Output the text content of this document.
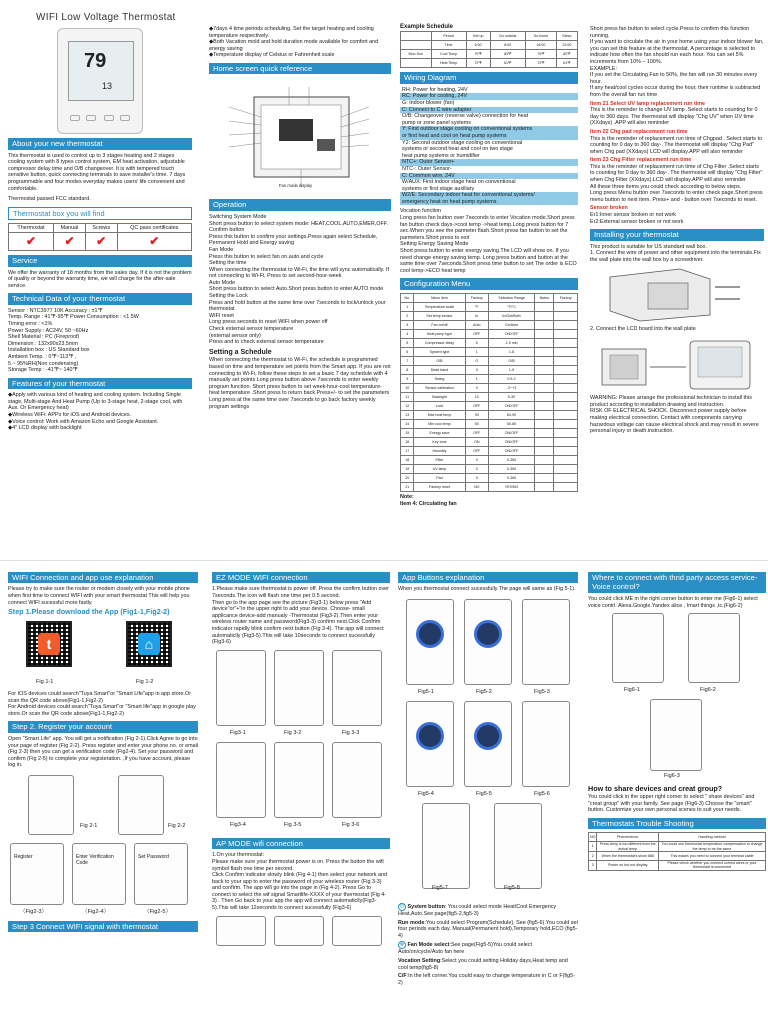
WIFI Low Voltage Thermostat
79
13
About your new thermostat
This thermostat is used to control up to 3 stages heating and 2 stages cooling system with 8 types control system, EM heat activation, adjustable compressor delay time and O/B changeover. It is with tempered touch sensitive button, quick connecting terminals to save installer's time. 7 days programmable and four modes everyday makes users' life convenient and comfortable.
Thermostat passed FCC standard.
Thermostat box you will find
Thermostat	Manual	Screws	QC pass certificates
✔	✔	✔	✔
Service
We offer the warranty of 18 months from the sales day. If it is not the problem of quality or beyond the warranty time, we will charge for the after-sale service.
Technical Data of your thermostat
Sensor : NTC3977 10K Accuracy : ±1℉
Temp. Range : 41℉-95℉ Power Consumption : <1.5W
Timing error : <1%
Power Supply : AC24V, 50 ~60Hz
Shell Material : PC (Fireproof)
Dimension : 132x90x23.5mm
Installation box : US Standard box
Ambient Temp. : 0℉~113℉ ,
5 ~ 95%RH(Non condensing)
Storage Temp : -41℉~ 140℉
Features of your thermostat
◆Apply with various kind of heating and cooling system. Including Single stage, Multi-stage And Heat Pump (Up to 3-stage heat, 2-stage cool, with Aux. Or Emergency heat)
◆Wireless WiFi: APPs for iOS and Android devices.
◆Voice control: Work with Amazon Echo and Google Assistant.
◆4" LCD display with backlight
◆7days 4 time periods scheduling. Set the target heating and cooling temperature respectively.
◆Both Vacation mold and hold duration mode available for comfort and energy saving
◆Temperature display of Celsius or Fahrenheit scale
Home screen quick reference
Fan mode display
Operation
Switching System Mode
Short press button to select system mode: HEAT,COOL,AUTO,EMER,OFF.
Confirm button
Press this button to confirm your settings.Press again select Schedule, Permanent Hold and Energy saving
Fan Mode
Press this button to select fan on,auto and cycle
Setting the time
When connecting the thermostat to Wi-Fi, the time will sync automatically. If not connecting to Wi-Fi, Press to set second-hour-week
Auto Mode
Short press button to select Auto.Short press button to enter AUTO mode
Setting the Lock
Press and hold button at the same time over 7seconds to lock/unlock your thermostat
WIFI reset
Long press seconds to reset WIFI when power off
Check external sensor temperature
(external sensor only)
Press and to check external sensor temperature
Setting a Schedule
When connecting the thermostat to Wi-Fi, the schedule is programmed based on time and temperature set points from the Smart app. If you are not connecting to Wi-Fi, follow these steps to set a basic 7 day schedule with 4 manually set points Long press button above 7seconds to enter weekly program function. Short press button to set week-hour-cool temperature-heat temperature .Short press to return back.Press+/- to set the parameters Long press at the same time over 7seconds to go back factory weekly program settings
Example Schedule
	Period	Get up	Go outside	Go home	Sleep
	Time	6:00	8:00	18:00	22:00
Mon-Sun	Cool Temp	79℉	83℉	79℉	82℉
	Heat Temp	72℉	61℉	72℉	61℉
Wiring Diagram
RH: Power for heating, 24V
RC: Power for cooling, 24V
G: Indoor blower (fan)
C: Connect to C wire adapter
O/B: Changeover (reverse valve) connection for heat
pump or zone panel systems
Y: First outdoor stage cooling on conventional systems
or first heat and cool on heat pump systems
Y2: Second outdoor stage cooling on conventional
systems or second heat and cool on two stage
heat pump systems or humidifier
NTC+: Outer Sensor+
NTC-: Outer Sensor-
C: Common wire, 24V
W/AUX: First indoor stage heat on conventional
systems or first stage auxiliary
W2/E: Secondary indoor heat for conventional systems/
emergency heat on heat pump systems
Vocation function
Long press fan button over 7seconds to enter Vocation mode.Short press fan button check days->cool temp ->heat temp.Long press button for 7 sec.When you see the parmeter flash.Short press fan button to set the parmeters.Short press to exit
Setting Energy Saving Mode
Short press button to enter energy saving.The LCD will show on. If you need change energy saving temp. Long press button and button at the same time over 7seconds.Short press time button to set The order is ECO cool temp->ECO heat temp
Configuration Menu
No.	Menu item	Factory	Selection Range	Notes	Factory
1	Temperature scale	°F	°F/°C		
2	Set temp sensor	In	In/Out/Both		
3	Fan on/off	Auto	On/Auto		
4	Heat pump type	OFF	ON/OFF		
5	Compressor delay	5	2-9 min		
6	System type	1	1-8		
7	O/B	O	O/B		
8	Dead band	3	1-5		
9	Swing	1	0.5-2		
10	Sensor calibration	0	-3~+3		
11	Backlight	10	5-30		
12	Lock	OFF	ON/OFF		
13	Max heat temp	90	60-90		
14	Min cool temp	50	50-80		
15	Energy save	OFF	ON/OFF		
16	Key tone	ON	ON/OFF		
17	Humidity	OFF	ON/OFF		
18	Filter	0	0-360		
19	UV lamp	0	0-360		
20	Pad	0	0-360		
21	Factory reset	NO	YES/NO		
Note:
Item 4: Circulating fan
Short press fan button to select cycle.Press to confirm this function running.
If you want to circulate the air in your home using your indoor blower fan, you can set this feature at the thermostat. A percentage is selected to indicate how often the fan should run each hour. You can set 5% increments from 10% – 100%.
EXAMPLE:
If you set the Circulating Fan to 50%, the fan will run 30 minutes every hour.
If any heat/cool cycles occur during the hour, their runtime is subtracted from the overall fan run time
Item 21 Select UV lamp replacement run time
This is the reminder to change UV lamp .Select starts to counting for 0 day to 360 days. The thermostat will display "Chg UV" when UV time (XXdays) .APP will also reminder
Item 22 Chg pad replacement run time
This is the reminder of replacement run time of Chgpad . Select starts to counting for 0 day to 360 day-. The thermostat will display "Chg Pad" when Chg pad (XXdays) LCD will display.APP will also reminder
Item 23 Chg Filter replacement run time
This is the reminder of replacement run time of Chg Filter .Select starts to counting for 0 day to 360 day-. The thermostat will display "Chg Filter" when Chg Filter (XXdays).LCD will display.APP will also reminder
All these three items you could check according to below steps.
Long press Menu button over 7seconds to enter check page.Short press menu button to next item. Press+ and - button over 7seconds to reset.
Sensor broken
Er1:Inner sensor broken or not work
Er2:External sensor broken or not work
Installing your thermostat
This product is suitable for US standard wall box.
1. Connect the wire of power and other equipment into the terminals.Fix the wall plate into the wall box by a screwdriver.
2. Connect the LCD board into the wall plate
WARNING: Please arrange the professional technician to install this product according to installation drawing and instruction.
RISK OF ELECTRICAL SHOCK. Disconnect power supply before making electrical connection. Contact with components carrying hazardous voltage can cause electrical shock and may result in severe personal injury or death.instruction.
WIFI Connection and app use explanation
Please try to make sure the router or modem closely with your mobile phone when first time to connect WIFI with your smart thermostat This will help you connect WIFI sucessful more fastly.
Step 1.Please download the App (Fig1-1,Fig2-2)
t	⌂
Fig 1-1	Fig 1-2
For IOS devices could search"Tuya Smart"or "Smart Life"app in app store.Or scan the QR code above(Fig1-1,Fig2-2)
For Android devices could search"Tuya Smart"or "Smart life"app in google play store.Or scan the QR code above(Fig1-1,Fig2-2)
Step 2. Register your account
Open "Smart Life" app. You will get a notification (Fig 2-1).Click Agree to go into your page of register (Fig 2-2). Press register and enter your phone no. or email (Fig 2-3) then you can get a verification code (Fig2-4). Set your password and confirm (Fig 2-5) to complete your registeration. ,If you have account, please log in.
Fig 2-1	Fig 2-2
Register	Enter Verification Code
Set Password
（Fig2-3）	（Fig2-4）	（Fig2-5）
Step 3 Connect WIFI signal with thermostat
EZ MODE WIFI connection
1.Please make sure thermostat is power off. Press the confirm button over 7seconds.The icon will flash one time per 0.5 second.
Then go to the app page see the picture (Fig3-1) below press "Add device"or"+"in the upper right to add your device. Choose- small applicance device-add manualy -Thermostat (Fig3-2).Then enter your wireless router name and password(Fig3-3) confirm next.Click Confrim indicator rapidly blink confirm next button (Fig 3-4). The app will connect automaticlly (Fig3-5).This will take 10seconds to connect sucessfully (Fig3-6)
Fig3-1	Fig 3-2	Fig 3-3
Fig3-4	Fig 3-5	Fig 3-6
AP MODE wifi connection
1.On your thermostat:
Please make sure your thermostat power is on. Press the button the wifi symbol flash one time per second.
Click Confirm indicator slowly blink (Fig 4-1) then select your network and back to your app to enter the password of your wireless router (Fig 3-3) and confirm. The app will go into the page in (Fig 4-2). Press Go to connect to select the wif signal Smartlife-XXXX of your thermostat (Fig 4-3) . Then Go back to your app the app will connect automaticlly(Fig3-5).This will take 12seconds to connect sucessfully (Fig3-6)
App Buttons explanation
When you thermostat connect sucessfully.The page will same as (Fig 5-1).
Fig5-1	Fig5-2	Fig5-3
Fig5-4	Fig5-5	Fig5-6
Fig5-7	Fig5-8
⏻ System button: You could select mode Heat/Cool Emergency Heat,Auto.See page(fig5-2,fig5-3)
Run mode:You could select Program(Schedule), See (fig5-6).You could set four periods each day. Manual(Permanent hold),Temporary hold,ECO (fig5-4)
✻ Fan Mode select:See page(Fig5-5)You could select Auto/on/cycle/Auto fan here
Vocation Setting:Select you could setting Holiday days,Heat temp and cool temp(fig5-8)
C/F:In the left corner.You could easy to change temperature in C or F(fig5-2)
Where to connect with thrid party access service-Voice control?
You could click ME in the right corner button to enter me (Fig6-1) select voice contrl. Alexa.Google.Yandex alice , Imart things ,tc.(Fig6-2)
Fig6-1	Fig6-2
Fig6-3
How to share devices and creat group?
You could click in the upper right corner to select " share devices" and "creat group" with your family. See page (Fig6-3) Choose the "smart" button. Customize your own personal scenes to suit your needs.
Thermostats Trouble Shooting
NO	Phenomenon	Handling method
1	Press temp is too different from the actual temp	You could use thermostat temperature compensation to change the temp to be the same
2	When the thermostat's show 888	This makes you need to connect your terminal cable
3	Power on but not display	Please check whether you connect correct wires or your thermostat is connected
